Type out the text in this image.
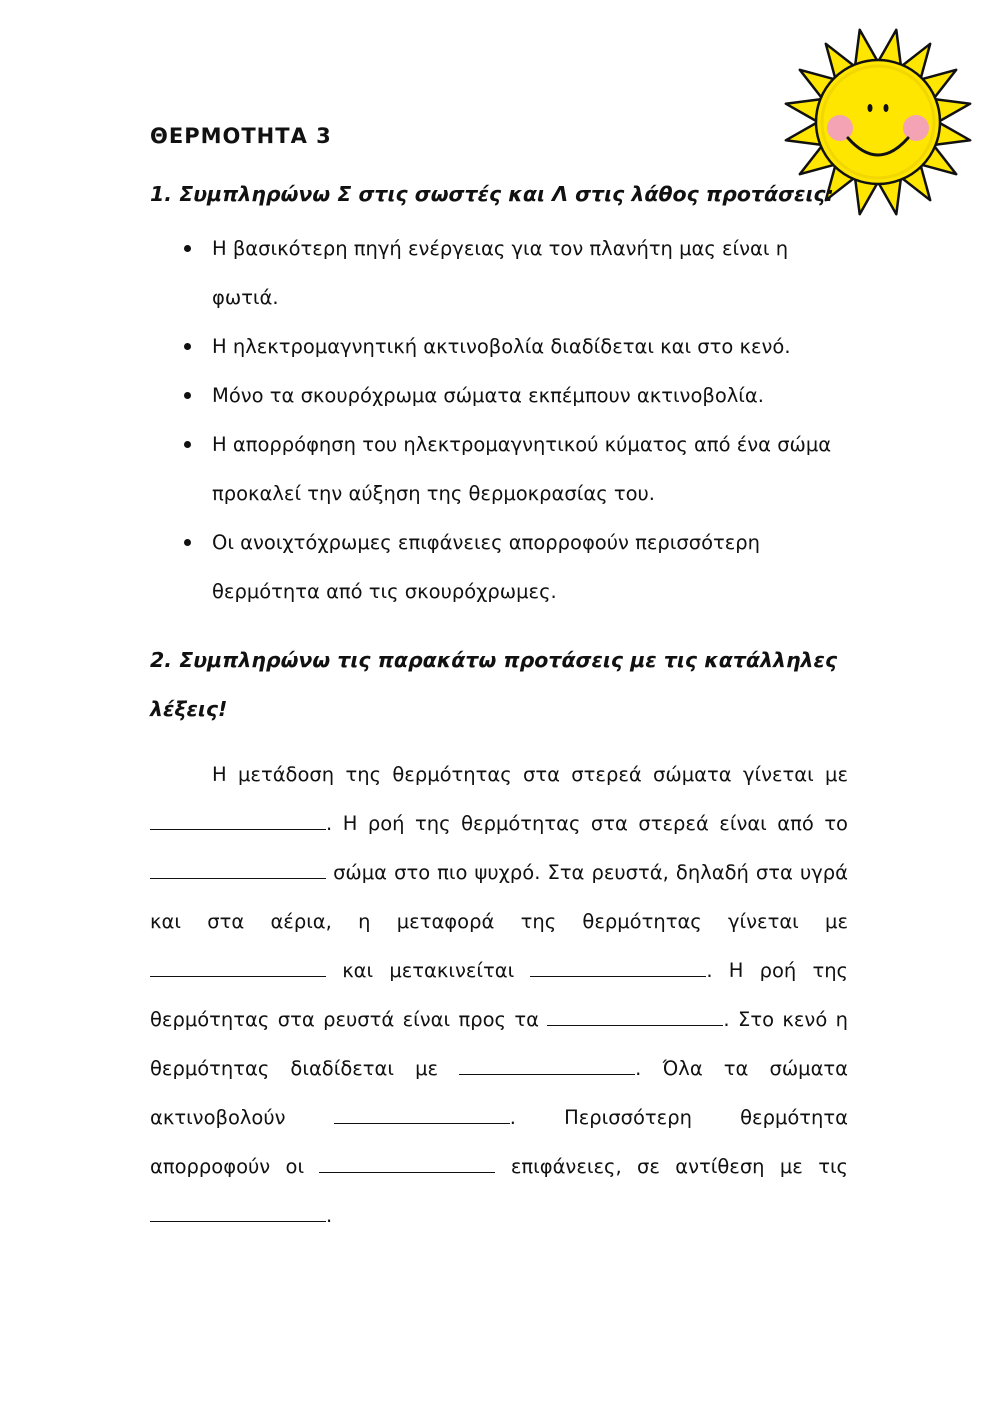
ΘΕΡΜΟΤΗΤΑ 3
1. Συμπληρώνω Σ στις σωστές και Λ στις λάθος προτάσεις:
Η βασικότερη πηγή ενέργειας για τον πλανήτη μας είναι η φωτιά.
Η ηλεκτρομαγνητική ακτινοβολία διαδίδεται και στο κενό.
Μόνο τα σκουρόχρωμα σώματα εκπέμπουν ακτινοβολία.
Η απορρόφηση του ηλεκτρομαγνητικού κύματος από ένα σώμα προκαλεί την αύξηση της θερμοκρασίας του.
Οι ανοιχτόχρωμες επιφάνειες απορροφούν περισσότερη θερμότητα από τις σκουρόχρωμες.
2. Συμπληρώνω τις παρακάτω προτάσεις με τις κατάλληλες λέξεις!
Η μετάδοση της θερμότητας στα στερεά σώματα γίνεται με . Η ροή της θερμότητας στα στερεά είναι από το  σώμα στο πιο ψυχρό. Στα ρευστά, δηλαδή στα υγρά και στα αέρια, η μεταφορά της θερμότητας γίνεται με  και μετακινείται	. Η ροή της θερμότητας στα ρευστά είναι προς τα	. Στο κενό η θερμότητας διαδίδεται με	. Όλα τα σώματα ακτινοβολούν	. Περισσότερη θερμότητα απορροφούν οι	επιφάνειες, σε αντίθεση με τις .
